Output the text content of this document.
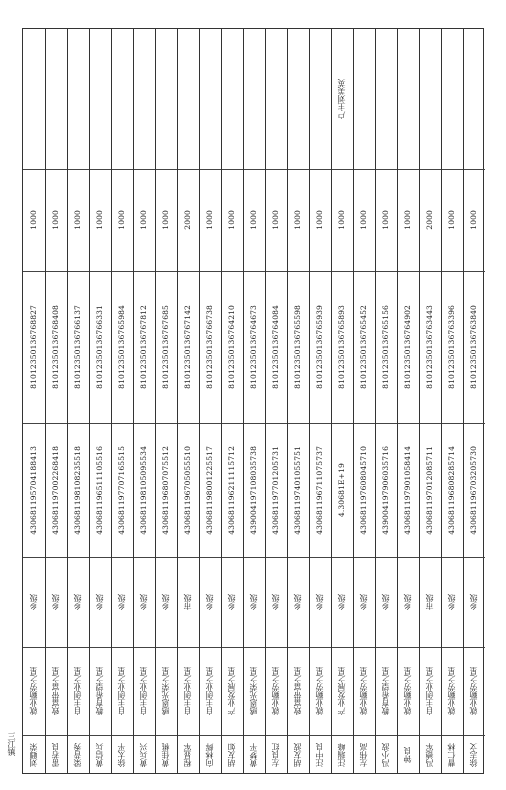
刘卿荣
就业勤劳之星
乡级
430681195704188413
81012350136768827
1000
雷若良
致富带富之星
乡级
430681197002268418
81012350136768408
1000
梁昔秀
自主创业之星
乡级
430681198108235518
81012350136766137
1000
黄信兵
教育希望之星
乡级
430681196511105516
81012350136766331
1000
徐太平
自主创业之星
乡级
430681197707165515
81012350136765984
1000
黄兵兴
自主创业之星
乡级
430681198105095534
81012350136767812
1000
黄佳桃
感恩光荣之星
乡级
430681196807075512
81012350136767685
1000
程显军
自主创业之星
市级
430681196705055510
81012350136767142
2000
向林辉
自主创业之星
乡级
430681198001225517
81012350136766738
1000
胡友如
产业发展之星
乡级
430681196211115712
81012350136764210
1000
黄梦平
感恩光荣之星
乡级
439004197108035738
81012350136764673
1000
左良红
就业勤劳之星
乡级
430681197701205731
81012350136764084
1000
胡友波
致富带富之星
乡级
430681197401055751
81012350136765598
1000
汪中良
就业勤劳之星
乡级
430681196711075737
81012350136765939
1000
汪瑞峰
产业发展之星
乡级
4.30681E+19
81012350136765893
1000
户主刘美英
左伟高
就业勤劳之星
乡级
430681197608045710
81012350136765452
1000
冯小波
教育希望之星
乡级
439004197906035716
81012350136765156
1000
钟良
就业勤劳之星
乡级
430681197901058414
81012350136764902
1000
冯德军
自主创业之星
市级
430681197012085711
81012350136763443
2000
曹仁林
就业勤劳之星
乡级
430681196808285714
81012350136763396
1000
徐志文
就业勤劳之星
乡级
430681196703205730
81012350136763840
1000
三江镇
